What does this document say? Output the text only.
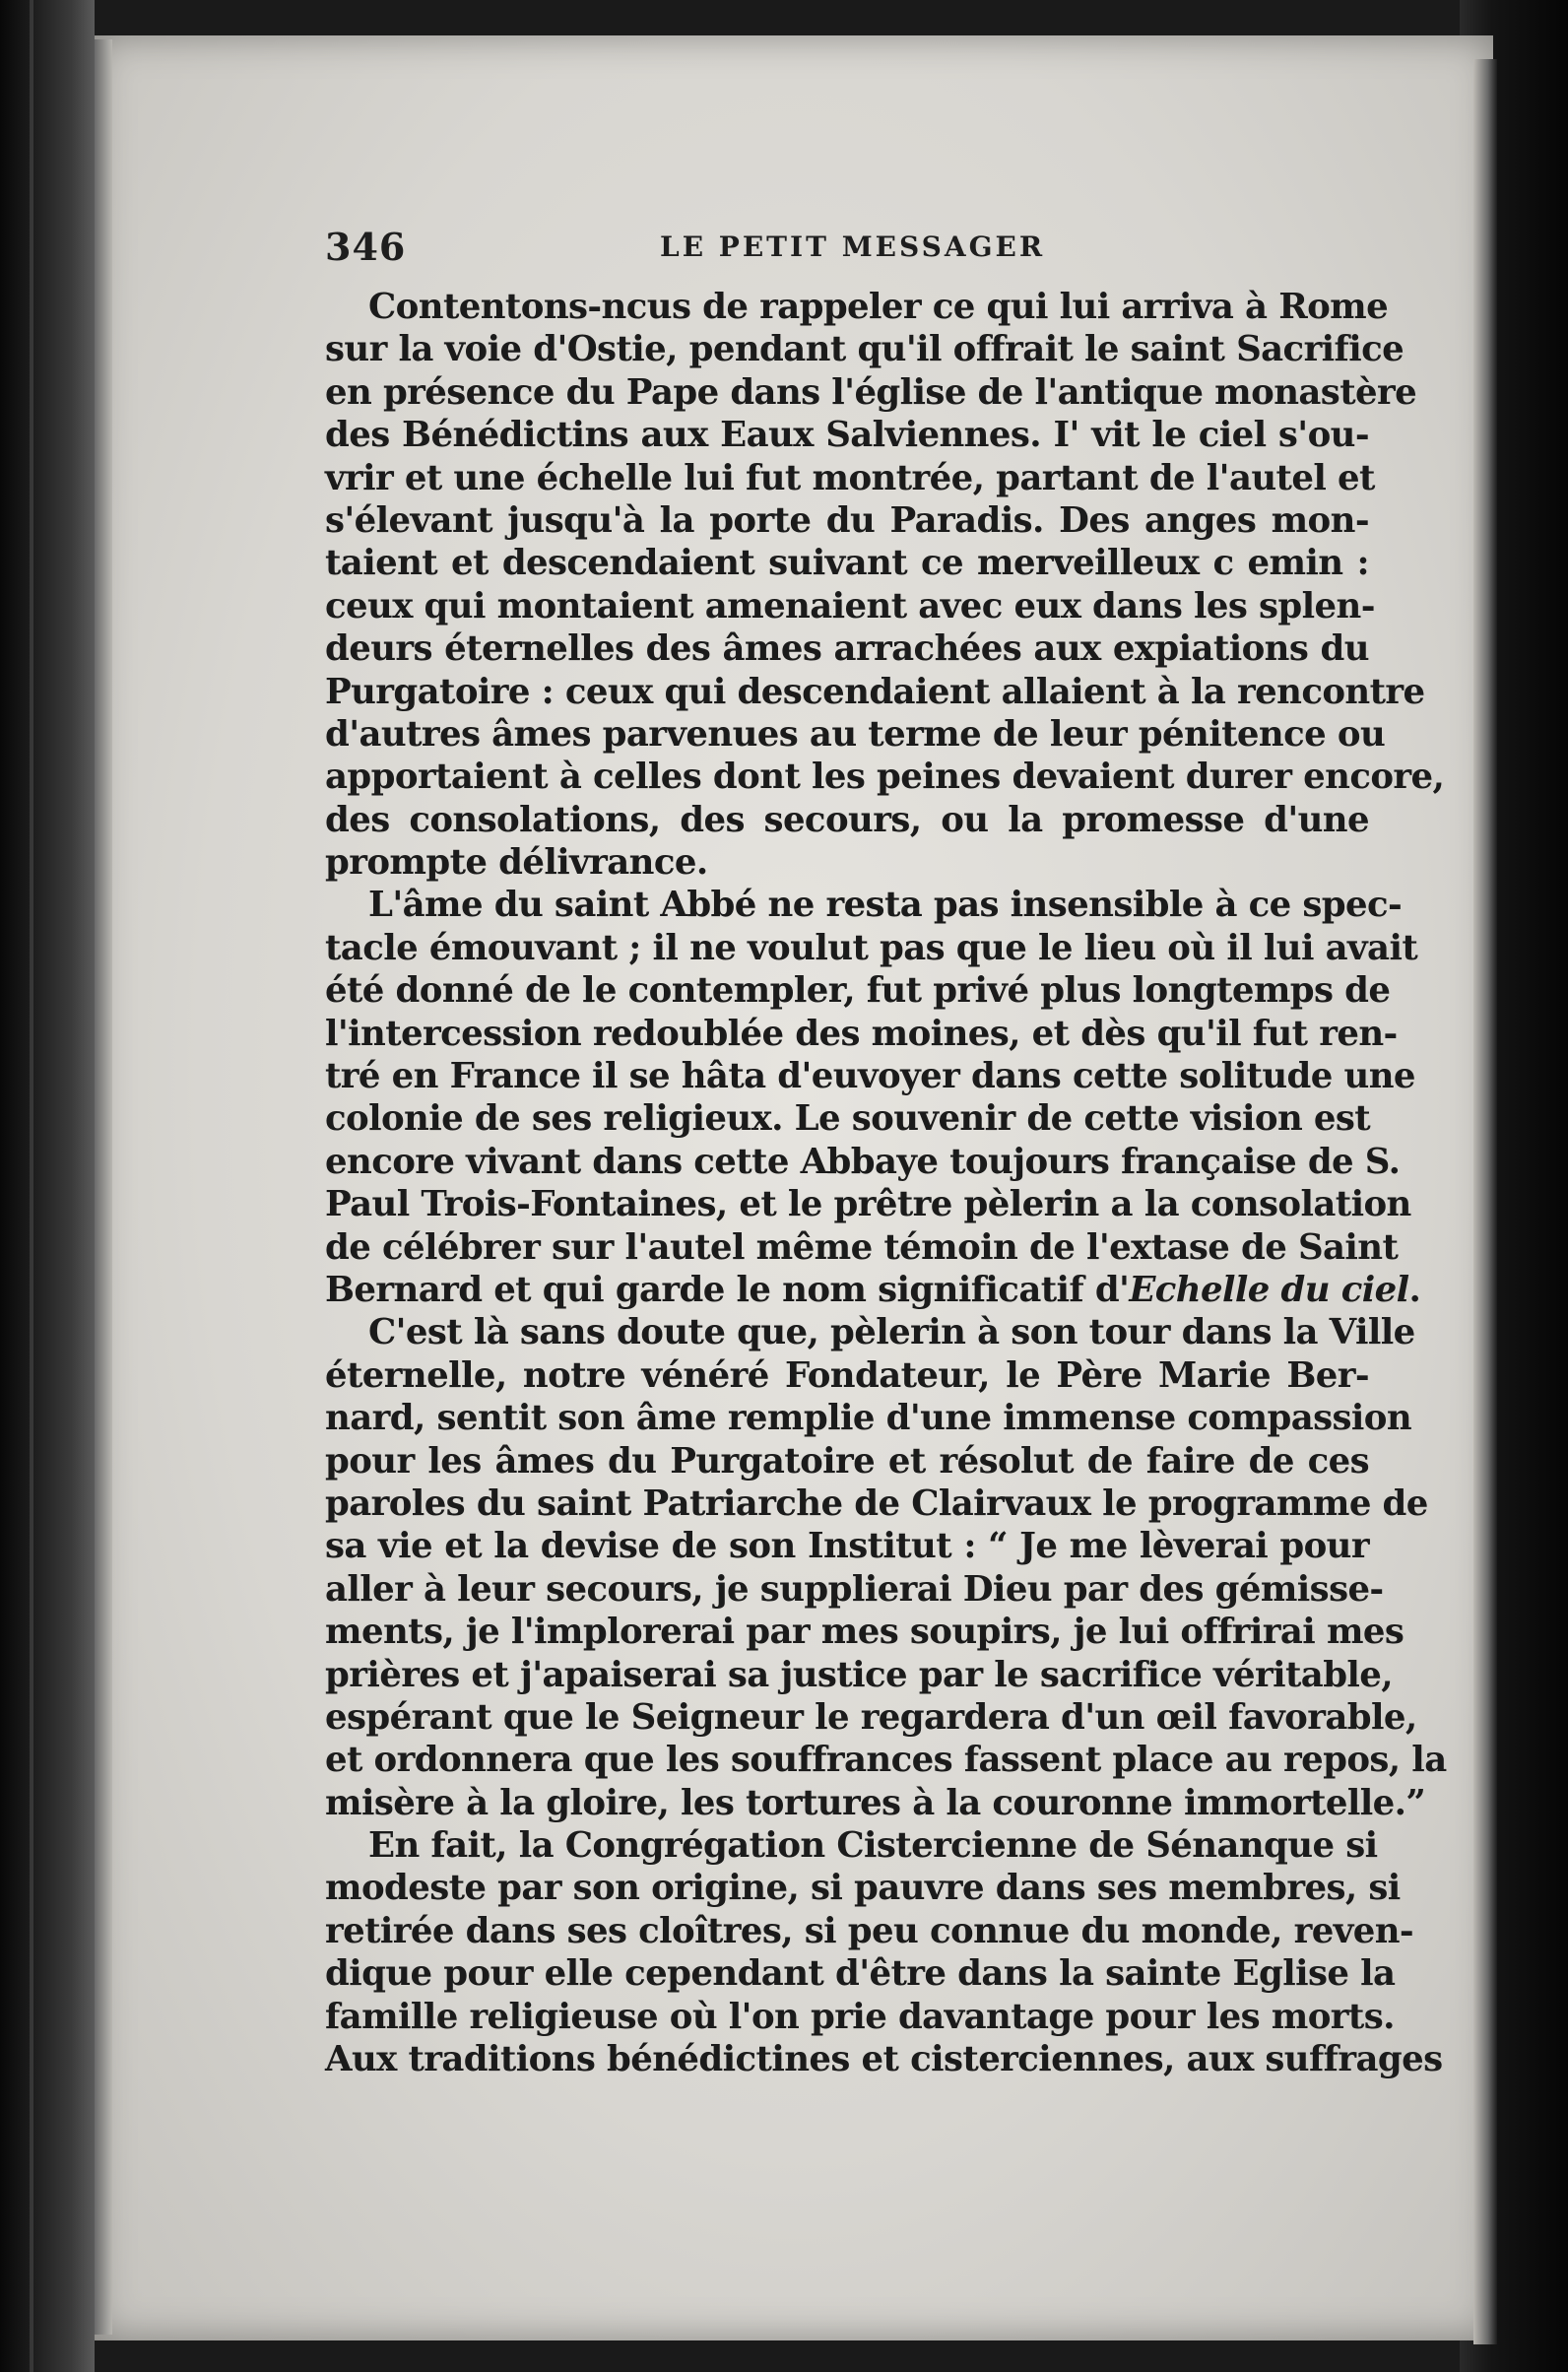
346	LE PETIT MESSAGER
Contentons-ncus de rappeler ce qui lui arriva à Rome
sur la voie d'Ostie, pendant qu'il offrait le saint Sacrifice
en présence du Pape dans l'église de l'antique monastère
des Bénédictins aux Eaux Salviennes. I' vit le ciel s'ou-
vrir et une échelle lui fut montrée, partant de l'autel et
s'élevant jusqu'à la porte du Paradis. Des anges mon-
taient et descendaient suivant ce merveilleux c emin :
ceux qui montaient amenaient avec eux dans les splen-
deurs éternelles des âmes arrachées aux expiations du
Purgatoire : ceux qui descendaient allaient à la rencontre
d'autres âmes parvenues au terme de leur pénitence ou
apportaient à celles dont les peines devaient durer encore,
des consolations, des secours, ou la promesse d'une
prompte délivrance.
L'âme du saint Abbé ne resta pas insensible à ce spec-
tacle émouvant ; il ne voulut pas que le lieu où il lui avait
été donné de le contempler, fut privé plus longtemps de
l'intercession redoublée des moines, et dès qu'il fut ren-
tré en France il se hâta d'euvoyer dans cette solitude une
colonie de ses religieux. Le souvenir de cette vision est
encore vivant dans cette Abbaye toujours française de S.
Paul Trois-Fontaines, et le prêtre pèlerin a la consolation
de célébrer sur l'autel même témoin de l'extase de Saint
Bernard et qui garde le nom significatif d'Echelle du ciel.
C'est là sans doute que, pèlerin à son tour dans la Ville
éternelle, notre vénéré Fondateur, le Père Marie Ber-
nard, sentit son âme remplie d'une immense compassion
pour les âmes du Purgatoire et résolut de faire de ces
paroles du saint Patriarche de Clairvaux le programme de
sa vie et la devise de son Institut : “ Je me lèverai pour
aller à leur secours, je supplierai Dieu par des gémisse-
ments, je l'implorerai par mes soupirs, je lui offrirai mes
prières et j'apaiserai sa justice par le sacrifice véritable,
espérant que le Seigneur le regardera d'un œil favorable,
et ordonnera que les souffrances fassent place au repos, la
misère à la gloire, les tortures à la couronne immortelle.”
En fait, la Congrégation Cistercienne de Sénanque si
modeste par son origine, si pauvre dans ses membres, si
retirée dans ses cloîtres, si peu connue du monde, reven-
dique pour elle cependant d'être dans la sainte Eglise la
famille religieuse où l'on prie davantage pour les morts.
Aux traditions bénédictines et cisterciennes, aux suffrages
